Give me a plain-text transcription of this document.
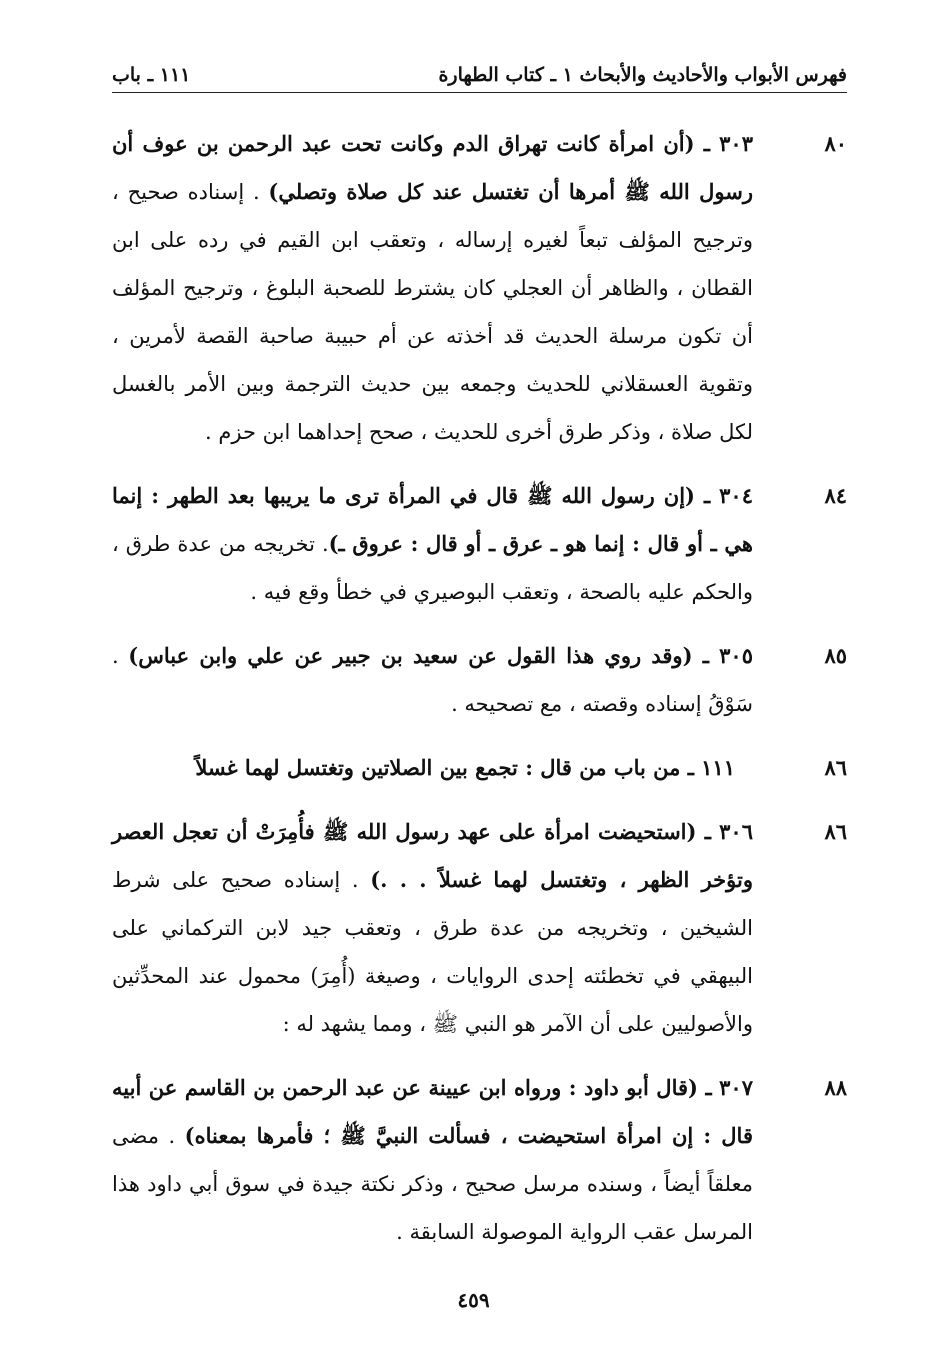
فهرس الأبواب والأحاديث والأبحاث ١ ـ كتاب الطهارة
١١١ ـ باب
٨٠
٣٠٣ ـ (أن امرأة كانت تهراق الدم وكانت تحت عبد الرحمن بن عوف أن رسول الله ﷺ أمرها أن تغتسل عند كل صلاة وتصلي) . إسناده صحيح ، وترجيح المؤلف تبعاً لغيره إرساله ، وتعقب ابن القيم في رده على ابن القطان ، والظاهر أن العجلي كان يشترط للصحبة البلوغ ، وترجيح المؤلف أن تكون مرسلة الحديث قد أخذته عن أم حبيبة صاحبة القصة لأمرين ، وتقوية العسقلاني للحديث وجمعه بين حديث الترجمة وبين الأمر بالغسل لكل صلاة ، وذكر طرق أخرى للحديث ، صحح إحداهما ابن حزم .
٨٤
٣٠٤ ـ (إن رسول الله ﷺ قال في المرأة ترى ما يريبها بعد الطهر : إنما هي ـ أو قال : إنما هو ـ عرق ـ أو قال : عروق ـ). تخريجه من عدة طرق ، والحكم عليه بالصحة ، وتعقب البوصيري في خطأ وقع فيه .
٨٥
٣٠٥ ـ (وقد روي هذا القول عن سعيد بن جبير عن علي وابن عباس) . سَوْقُ إسناده وقصته ، مع تصحيحه .
٨٦
١١١ ـ من باب من قال : تجمع بين الصلاتين وتغتسل لهما غسلاً
٨٦
٣٠٦ ـ (استحيضت امرأة على عهد رسول الله ﷺ فأُمِرَتْ أن تعجل العصر وتؤخر الظهر ، وتغتسل لهما غسلاً . . .) . إسناده صحيح على شرط الشيخين ، وتخريجه من عدة طرق ، وتعقب جيد لابن التركماني على البيهقي في تخطئته إحدى الروايات ، وصيغة (أُمِرَ) محمول عند المحدِّثين والأصوليين على أن الآمر هو النبي ﷺ ، ومما يشهد له :
٨٨
٣٠٧ ـ (قال أبو داود : ورواه ابن عيينة عن عبد الرحمن بن القاسم عن أبيه قال : إن امرأة استحيضت ، فسألت النبيَّ ﷺ ؛ فأمرها بمعناه) . مضى معلقاً أيضاً ، وسنده مرسل صحيح ، وذكر نكتة جيدة في سوق أبي داود هذا المرسل عقب الرواية الموصولة السابقة .
٤٥٩
